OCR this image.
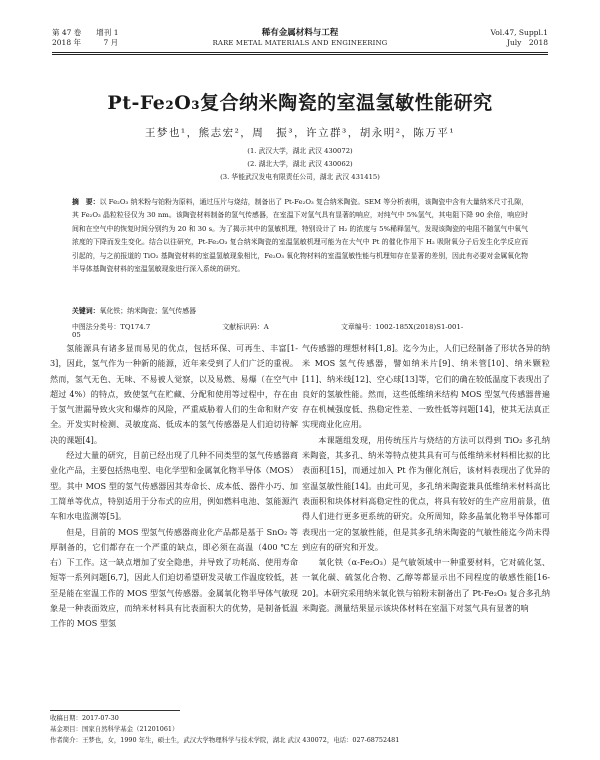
第 47 卷　　增刊 1
2018 年　　　7 月
稀有金属材料与工程
RARE METAL MATERIALS AND ENGINEERING
Vol.47, Suppl.1
July　2018
Pt-Fe₂O₃复合纳米陶瓷的室温氢敏性能研究
王梦也¹，熊志宏²，周　振³，许立群³，胡永明²，陈万平¹
(1. 武汉大学，湖北 武汉 430072)
(2. 湖北大学，湖北 武汉 430062)
(3. 华能武汉发电有限责任公司，湖北 武汉 431415)
摘　要：以 Fe₂O₃ 纳米粉与铂粉为原料，通过压片与烧结，制备出了 Pt-Fe₂O₃ 复合纳米陶瓷。SEM 等分析表明，该陶瓷中含有大量纳米尺寸孔隙，其 Fe₂O₃ 晶粒粒径仅为 30 nm。该陶瓷材料制备的氢气传感器，在室温下对氢气具有显著的响应，对纯气中 5%氢气，其电阻下降 90 余倍，响应时间和在空气中的恢复时间分别约为 20 和 30 s。为了揭示其中的氢敏机理，特别设计了 H₂ 的浓度与 5%稀释氢气，发现该陶瓷的电阻不随氢气中氧气浓度的下降而发生变化。结合以往研究，Pt-Fe₂O₃ 复合纳米陶瓷的室温氢敏机理可能为在大气中 Pt 的催化作用下 H₂ 吸附氧分子后发生化学反应而引起的，与之前报道的 TiO₂ 基陶瓷材料的室温氢敏现象相比，Fe₂O₃ 氧化物材料的室温氢敏性能与机理知存在显著的差别，因此有必要对金属氧化物半导体基陶瓷材料的室温氢敏现象进行深入系统的研究。
关键词：氧化铁；纳米陶瓷；氢气传感器
中图法分类号：TQ174.7	文献标识码：A	文章编号：1002-185X(2018)S1-001-05

氢能源具有诸多显而易见的优点，包括环保、可再生、丰富[1-3]，因此，氢气作为一种新的能源，近年来受到了人们广泛的重视。然而，氢气无色、无味、不易被人觉察，以及易燃、易爆（在空气中超过 4%）的特点，致使氢气在贮藏、分配和使用等过程中，存在由于氢气泄漏导致火灾和爆炸的风险，严重威胁着人们的生命和财产安全。开发实时检测、灵敏度高、低成本的氢气传感器是人们迫切待解决的课题[4]。

经过大量的研究，目前已经出现了几种不同类型的氢气传感器商业化产品，主要包括热电型、电化学型和金属氧化物半导体（MOS）型。其中 MOS 型的氢气传感器因其寿命长、成本低、器件小巧、加工简单等优点，特别适用于分布式的应用，例如燃料电池、氢能源汽车和水电监测等[5]。

但是，目前的 MOS 型氢气传感器商业化产品都是基于 SnO₂ 等厚制备的，它们都存在一个严重的缺点，即必须在高温（400 ℃左右）下工作。这一缺点增加了安全隐患，并导致了功耗高、使用寿命短等一系列问题[6,7]，因此人们迫切希望研发灵敏工作温度较低，甚至是能在室温工作的 MOS 型氢气传感器。金属氧化物半导体气敏现象是一种表面效应，而纳米材料具有比表面积大的优势，是制备低温工作的 MOS 型氢

气传感器的理想材料[1,8]。迄今为止，人们已经制备了形状各异的纳米 MOS 氢气传感器，譬如纳米片[9]、纳米管[10]、纳米颗粒[11]、纳米线[12]、空心球[13]等，它们的确在较低温度下表现出了良好的氢敏性能。然而，这些低维纳米结构 MOS 型氢气传感器普遍存在机械强度低、热稳定性差、一致性低等问题[14]，使其无法真正实现商业化应用。

本课题组发现，用传统压片与烧结的方法可以得到 TiO₂ 多孔纳米陶瓷，其多孔、纳米等特点使其具有可与低维纳米材料相比拟的比表面积[15]，而通过加入 Pt 作为催化剂后，该材料表现出了优异的室温氢敏性能[14]。由此可见，多孔纳米陶瓷兼具低维纳米材料高比表面积和块体材料高稳定性的优点，将具有较好的生产应用前景，值得人们进行更多更系统的研究。众所周知，除多晶氧化物半导体都可表现出一定的氢敏性能，但是其多孔纳米陶瓷的气敏性能迄今尚未得到应有的研究和开发。

氧化铁（α-Fe₂O₃）是气敏领域中一种重要材料，它对硫化氢、一氧化碳、硫氢化合物、乙醇等都显示出不同程度的敏感性能[16-20]。本研究采用纳米氧化铁与铂粉末制备出了 Pt-Fe₂O₃ 复合多孔纳米陶瓷。测量结果显示该块体材料在室温下对氢气具有显著的响

收稿日期：2017-07-30
基金项目：国家自然科学基金（21201061）
作者简介：王梦也，女，1990 年生，硕士生，武汉大学物理科学与技术学院，湖北 武汉 430072，电话：027-68752481
